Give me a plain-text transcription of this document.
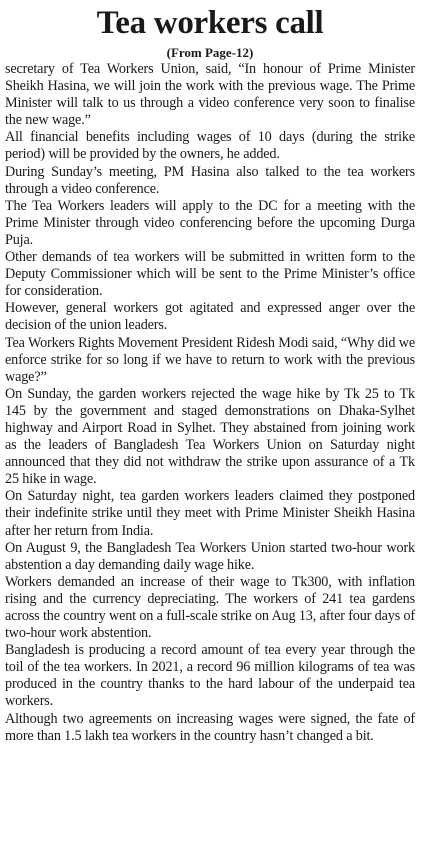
Tea workers call
(From Page-12)

secretary of Tea Workers Union, said, “In honour of Prime Minister Sheikh Hasina, we will join the work with the previous wage. The Prime Minister will talk to us through a video conference very soon to finalise the new wage.”

All financial benefits including wages of 10 days (during the strike period) will be provided by the owners, he added.

During Sunday’s meeting, PM Hasina also talked to the tea workers through a video conference.

The Tea Workers leaders will apply to the DC for a meeting with the Prime Minister through video conferencing before the upcoming Durga Puja.

Other demands of tea workers will be submitted in written form to the Deputy Commissioner which will be sent to the Prime Minister’s office for consideration.

However, general workers got agitated and expressed anger over the decision of the union leaders.

Tea Workers Rights Movement President Ridesh Modi said, “Why did we enforce strike for so long if we have to return to work with the previous wage?”

On Sunday, the garden workers rejected the wage hike by Tk 25 to Tk 145 by the government and staged demonstrations on Dhaka-Sylhet highway and Airport Road in Sylhet. They abstained from joining work as the leaders of Bangladesh Tea Workers Union on Saturday night announced that they did not withdraw the strike upon assurance of a Tk 25 hike in wage.

On Saturday night, tea garden workers leaders claimed they postponed their indefinite strike until they meet with Prime Minister Sheikh Hasina after her return from India.

On August 9, the Bangladesh Tea Workers Union started two-hour work abstention a day demanding daily wage hike.

Workers demanded an increase of their wage to Tk300, with inflation rising and the currency depreciating. The workers of 241 tea gardens across the country went on a full-scale strike on Aug 13, after four days of two-hour work abstention.

Bangladesh is producing a record amount of tea every year through the toil of the tea workers. In 2021, a record 96 million kilograms of tea was produced in the country thanks to the hard labour of the underpaid tea workers.

Although two agreements on increasing wages were signed, the fate of more than 1.5 lakh tea workers in the country hasn’t changed a bit.
